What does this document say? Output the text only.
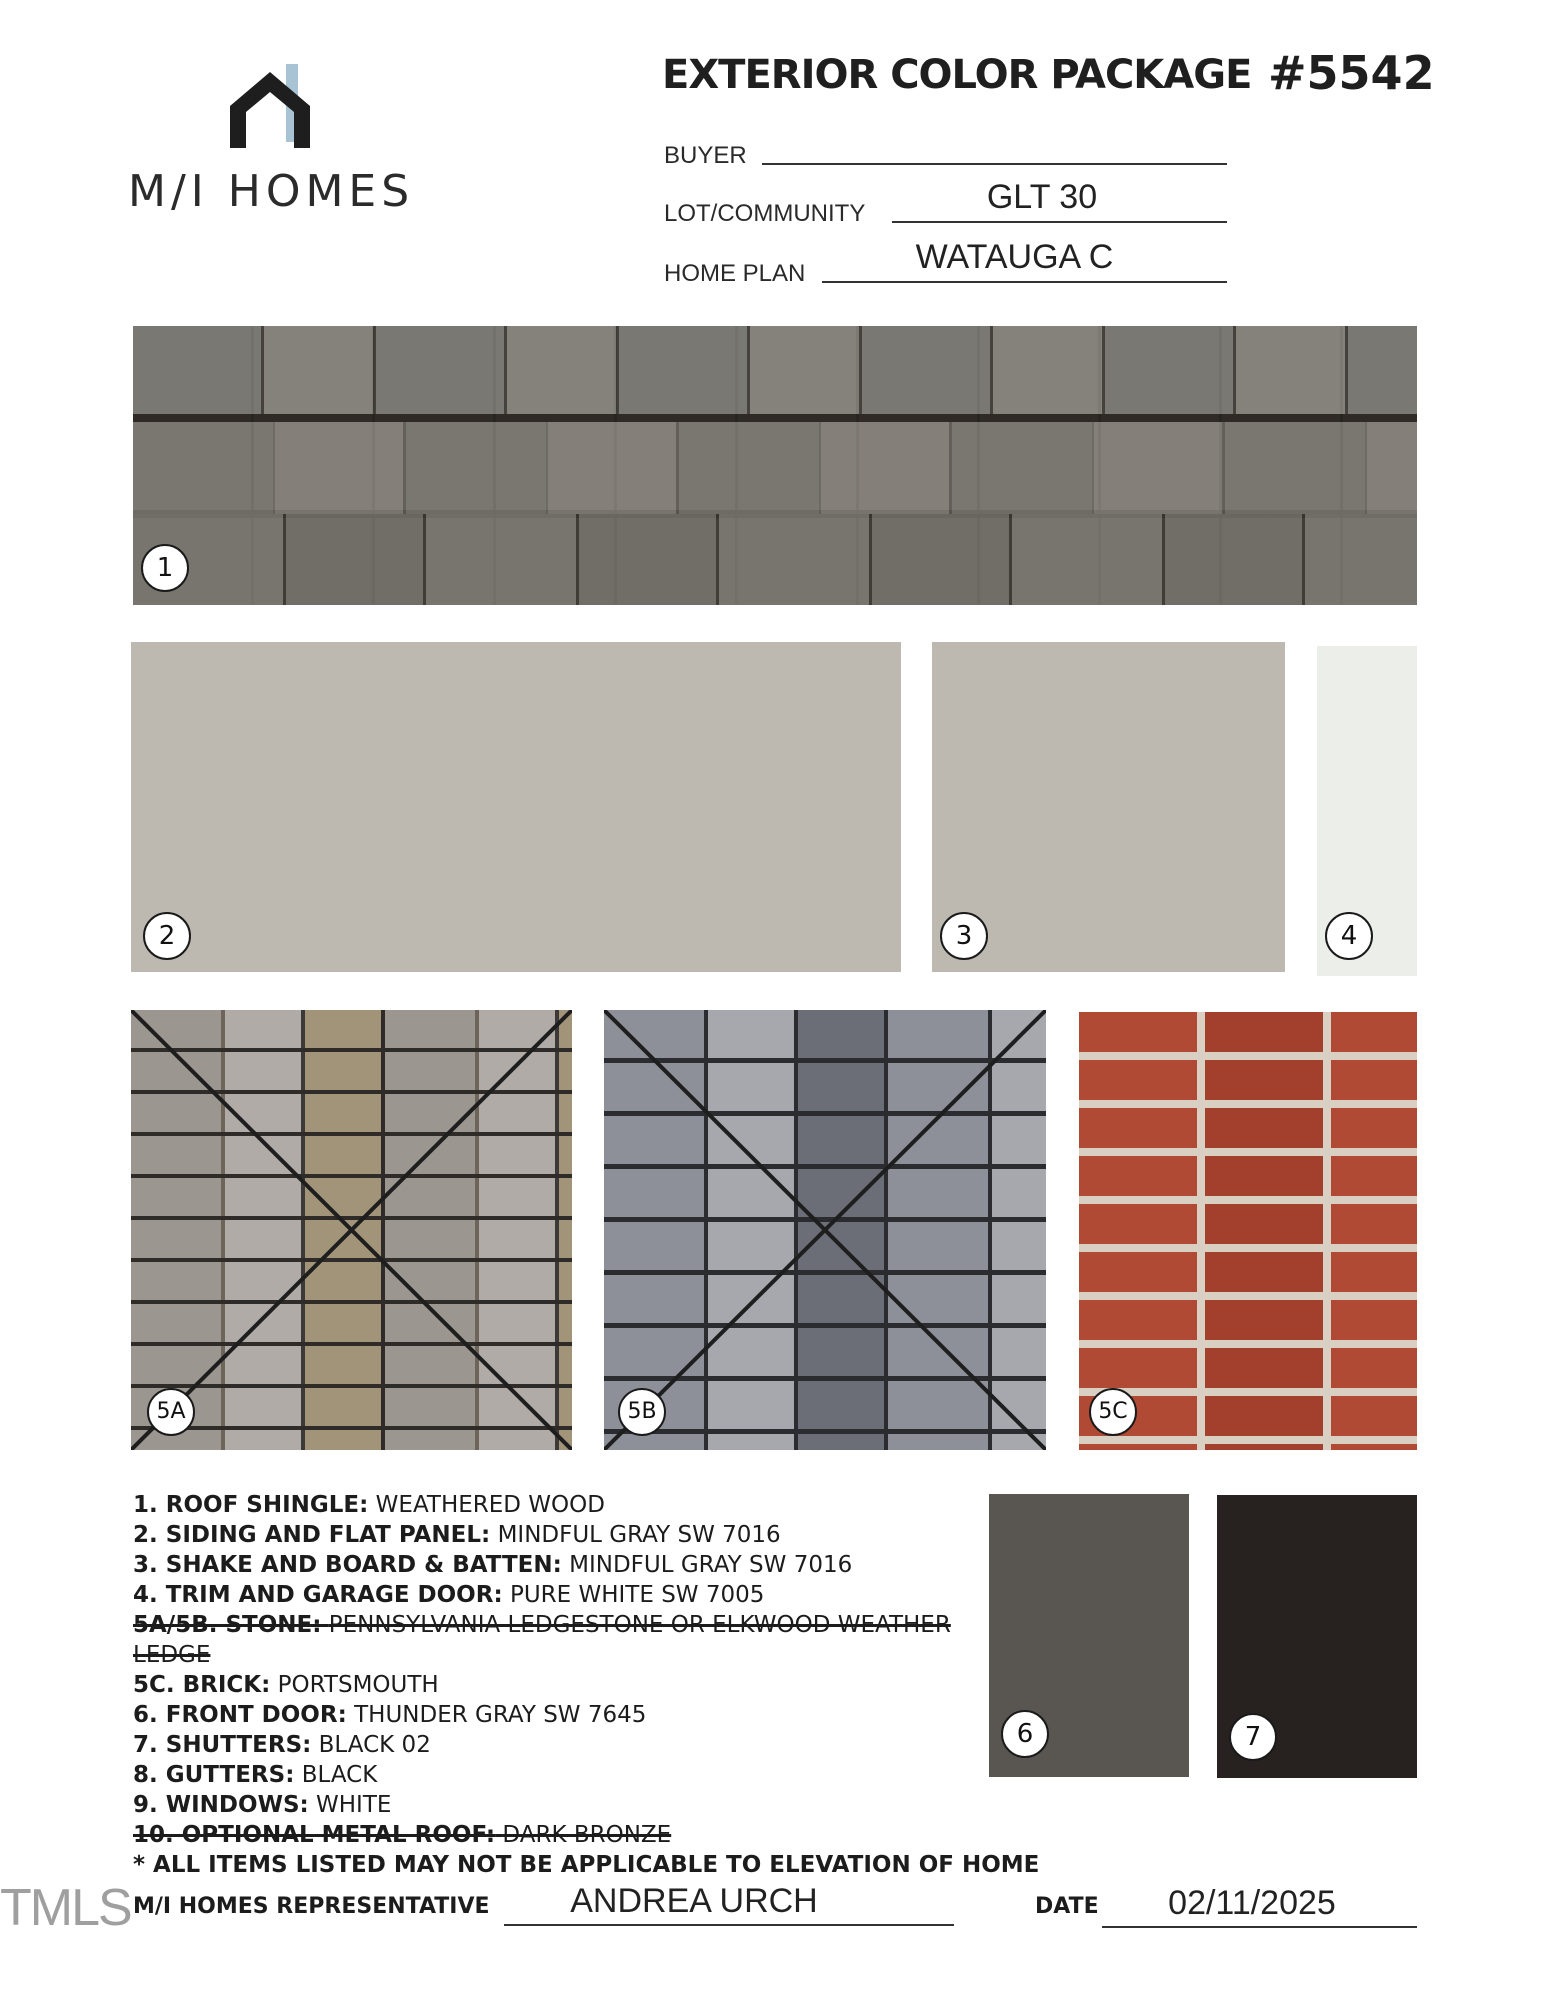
M/I HOMES
EXTERIOR COLOR PACKAGE #5542
BUYER
LOT/COMMUNITY	GLT 30
HOME PLAN	WATAUGA C
1
2	3	4
5A	5B	5C
1. ROOF SHINGLE: WEATHERED WOOD
2. SIDING AND FLAT PANEL: MINDFUL GRAY SW 7016
3. SHAKE AND BOARD & BATTEN: MINDFUL GRAY SW 7016
4. TRIM AND GARAGE DOOR: PURE WHITE SW 7005
5A/5B. STONE: PENNSYLVANIA LEDGESTONE OR ELKWOOD WEATHER
LEDGE
5C. BRICK: PORTSMOUTH
6. FRONT DOOR: THUNDER GRAY SW 7645
7. SHUTTERS: BLACK 02
8. GUTTERS: BLACK
9. WINDOWS: WHITE
10. OPTIONAL METAL ROOF: DARK BRONZE
* ALL ITEMS LISTED MAY NOT BE APPLICABLE TO ELEVATION OF HOME
6	7
M/I HOMES REPRESENTATIVE	ANDREA URCH	DATE	02/11/2025
TMLS
